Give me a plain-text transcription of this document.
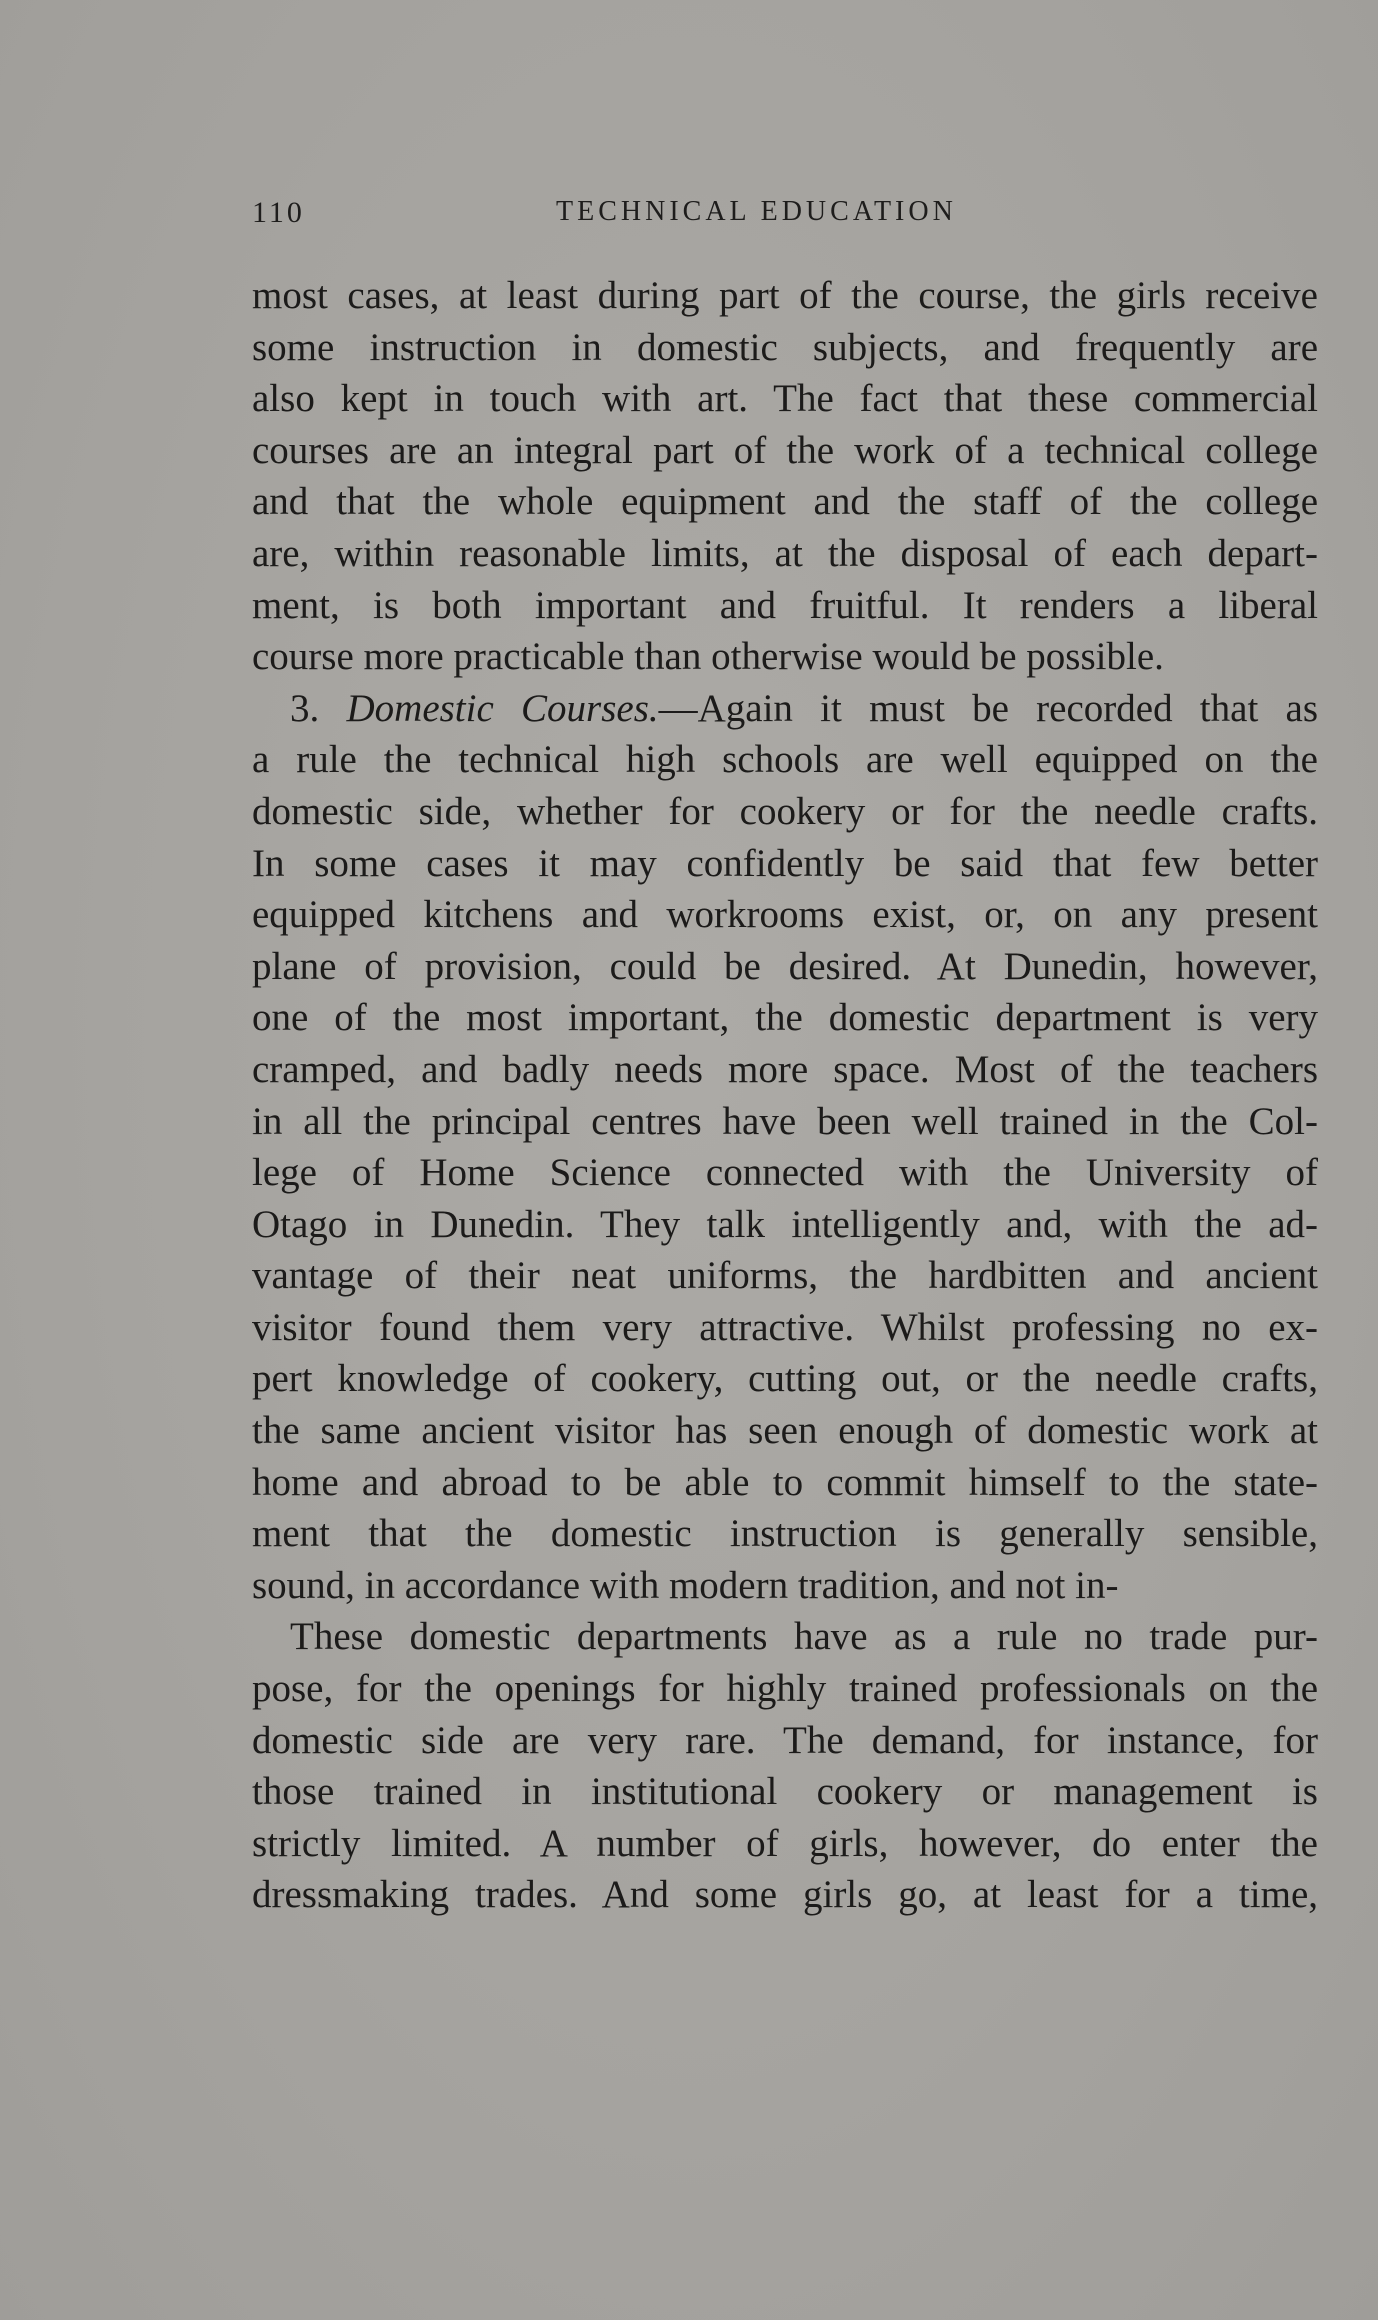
110	TECHNICAL EDUCATION
most cases, at least during part of the course, the girls receive
some instruction in domestic subjects, and frequently are
also kept in touch with art. The fact that these commercial
courses are an integral part of the work of a technical college
and that the whole equipment and the staff of the college
are, within reasonable limits, at the disposal of each depart-
ment, is both important and fruitful. It renders a liberal
course more practicable than otherwise would be possible.
3. Domestic Courses.—Again it must be recorded that as
a rule the technical high schools are well equipped on the
domestic side, whether for cookery or for the needle crafts.
In some cases it may confidently be said that few better
equipped kitchens and workrooms exist, or, on any present
plane of provision, could be desired. At Dunedin, however,
one of the most important, the domestic department is very
cramped, and badly needs more space. Most of the teachers
in all the principal centres have been well trained in the Col-
lege of Home Science connected with the University of
Otago in Dunedin. They talk intelligently and, with the ad-
vantage of their neat uniforms, the hardbitten and ancient
visitor found them very attractive. Whilst professing no ex-
pert knowledge of cookery, cutting out, or the needle crafts,
the same ancient visitor has seen enough of domestic work at
home and abroad to be able to commit himself to the state-
ment that the domestic instruction is generally sensible,
sound, in accordance with modern tradition, and not in-
These domestic departments have as a rule no trade pur-
pose, for the openings for highly trained professionals on the
domestic side are very rare. The demand, for instance, for
those trained in institutional cookery or management is
strictly limited. A number of girls, however, do enter the
dressmaking trades. And some girls go, at least for a time,
